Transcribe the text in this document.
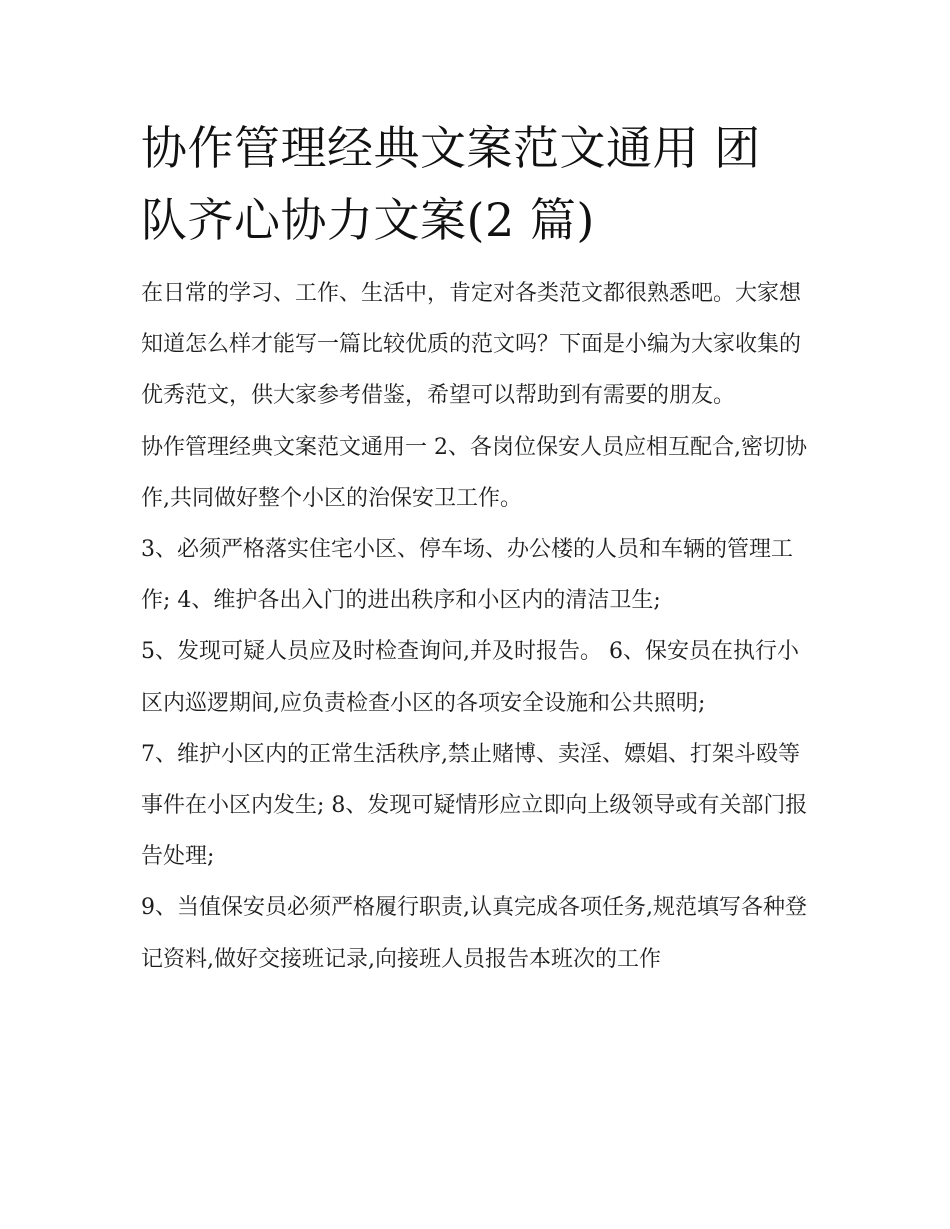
协作管理经典文案范文通用 团
队齐心协力文案(2 篇)

在日常的学习、工作、生活中，肯定对各类范文都很熟悉吧。大家想知道怎么样才能写一篇比较优质的范文吗？下面是小编为大家收集的优秀范文，供大家参考借鉴，希望可以帮助到有需要的朋友。

协作管理经典文案范文通用一 2、各岗位保安人员应相互配合,密切协作,共同做好整个小区的治保安卫工作。

3、必须严格落实住宅小区、停车场、办公楼的人员和车辆的管理工作; 4、维护各出入门的进出秩序和小区内的清洁卫生;

5、发现可疑人员应及时检查询问,并及时报告。 6、保安员在执行小区内巡逻期间,应负责检查小区的各项安全设施和公共照明;

7、维护小区内的正常生活秩序,禁止赌博、卖淫、嫖娼、打架斗殴等事件在小区内发生; 8、发现可疑情形应立即向上级领导或有关部门报告处理;

9、当值保安员必须严格履行职责,认真完成各项任务,规范填写各种登记资料,做好交接班记录,向接班人员报告本班次的工作
